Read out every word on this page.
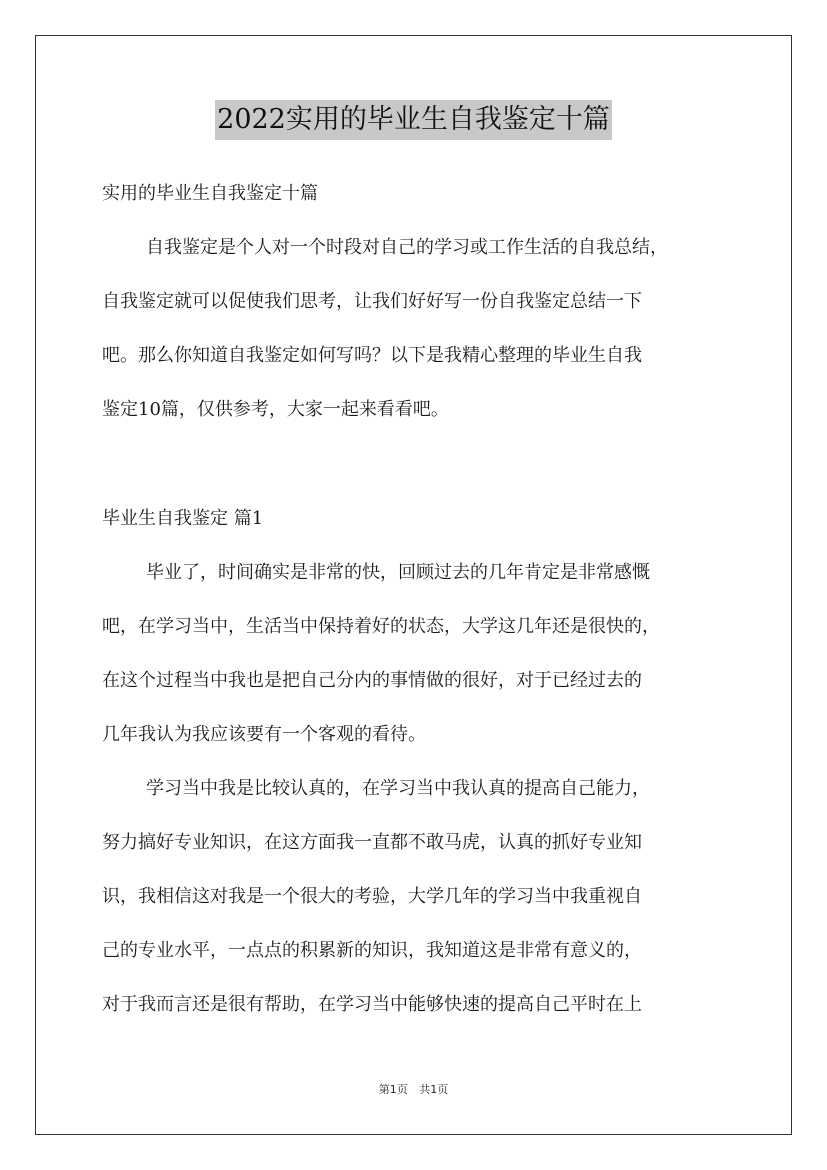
2022实用的毕业生自我鉴定十篇
实用的毕业生自我鉴定十篇
自我鉴定是个人对一个时段对自己的学习或工作生活的自我总结，
自我鉴定就可以促使我们思考，让我们好好写一份自我鉴定总结一下
吧。那么你知道自我鉴定如何写吗？以下是我精心整理的毕业生自我
鉴定10篇，仅供参考，大家一起来看看吧。
毕业生自我鉴定 篇1
毕业了，时间确实是非常的快，回顾过去的几年肯定是非常感慨
吧，在学习当中，生活当中保持着好的状态，大学这几年还是很快的，
在这个过程当中我也是把自己分内的事情做的很好，对于已经过去的
几年我认为我应该要有一个客观的看待。
学习当中我是比较认真的，在学习当中我认真的提高自己能力，
努力搞好专业知识，在这方面我一直都不敢马虎，认真的抓好专业知
识，我相信这对我是一个很大的考验，大学几年的学习当中我重视自
己的专业水平，一点点的积累新的知识，我知道这是非常有意义的，
对于我而言还是很有帮助，在学习当中能够快速的提高自己平时在上
第1页 共1页
